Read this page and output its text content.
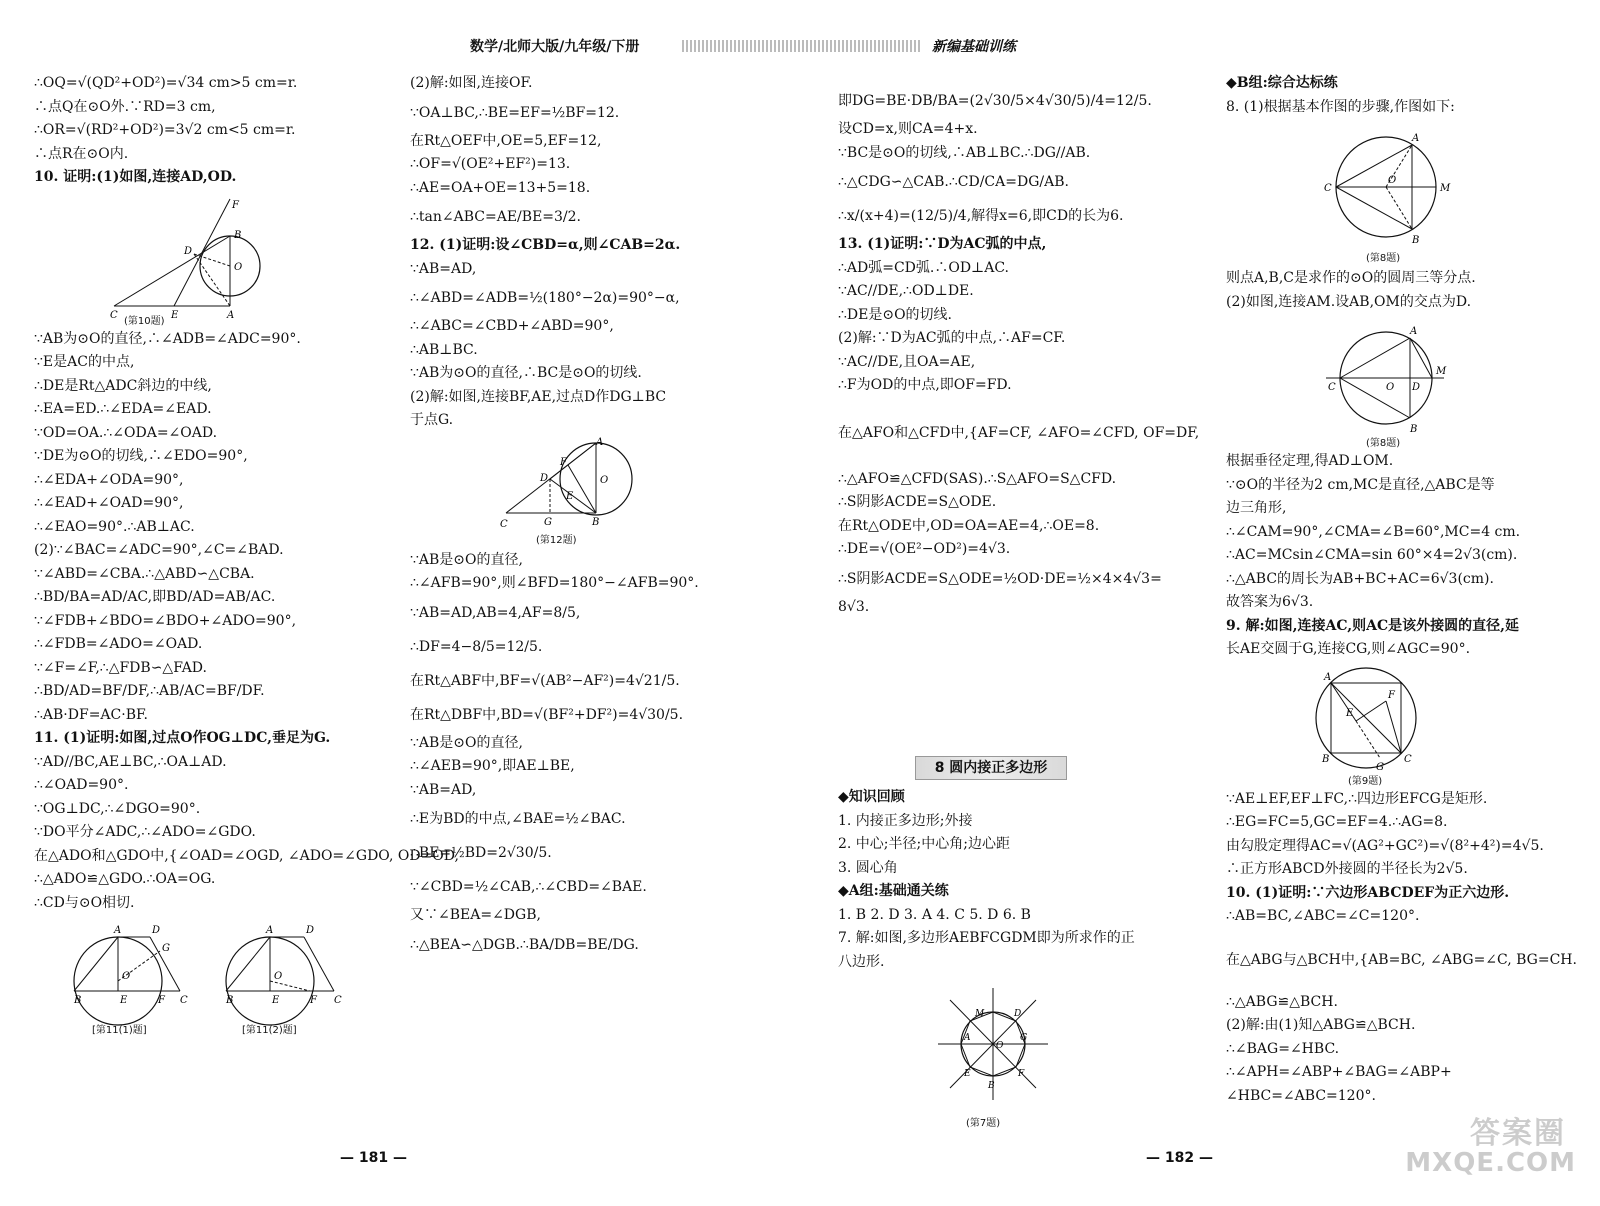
数学/北师大版/九年级/下册	新编基础训练
∴OQ=√(QD²+OD²)=√34 cm>5 cm=r.
∴点Q在⊙O外.∵RD=3 cm,
∴OR=√(RD²+OD²)=3√2 cm<5 cm=r.
∴点R在⊙O内.
10. 证明:(1)如图,连接AD,OD.
F
B
D
O
C	E	A
(第10题)
∵AB为⊙O的直径,∴∠ADB=∠ADC=90°.
∵E是AC的中点,
∴DE是Rt△ADC斜边的中线,
∴EA=ED.∴∠EDA=∠EAD.
∵OD=OA.∴∠ODA=∠OAD.
∵DE为⊙O的切线,∴∠EDO=90°,
∴∠EDA+∠ODA=90°,
∴∠EAD+∠OAD=90°,
∴∠EAO=90°.∴AB⊥AC.
(2)∵∠BAC=∠ADC=90°,∠C=∠BAD.
∵∠ABD=∠CBA.∴△ABD∽△CBA.
∴BD/BA=AD/AC,即BD/AD=AB/AC.
∵∠FDB+∠BDO=∠BDO+∠ADO=90°,
∴∠FDB=∠ADO=∠OAD.
∵∠F=∠F,∴△FDB∽△FAD.
∴BD/AD=BF/DF,∴AB/AC=BF/DF.
∴AB·DF=AC·BF.
11. (1)证明:如图,过点O作OG⊥DC,垂足为G.
∵AD//BC,AE⊥BC,∴OA⊥AD.
∴∠OAD=90°.
∵OG⊥DC,∴∠DGO=90°.
∵DO平分∠ADC,∴∠ADO=∠GDO.
在△ADO和△GDO中,{∠OAD=∠OGD, ∠ADO=∠GDO, OD=OD,
∴△ADO≌△GDO.∴OA=OG.
∴CD与⊙O相切.
B	E	F C
A	D
G
O
B	E	F C
A	D
O
[第11(1)题]	[第11(2)题]
(2)解:如图,连接OF.
∵OA⊥BC,∴BE=EF=½BF=12.
在Rt△OEF中,OE=5,EF=12,
∴OF=√(OE²+EF²)=13.
∴AE=OA+OE=13+5=18.
∴tan∠ABC=AE/BE=3/2.
12. (1)证明:设∠CBD=α,则∠CAB=2α.
∵AB=AD,
∴∠ABD=∠ADB=½(180°−2α)=90°−α,
∴∠ABC=∠CBD+∠ABD=90°,
∴AB⊥BC.
∵AB为⊙O的直径,∴BC是⊙O的切线.
(2)解:如图,连接BF,AE,过点D作DG⊥BC
于点G.
A
F
D	O
E
C	G	B
(第12题)
∵AB是⊙O的直径,
∴∠AFB=90°,则∠BFD=180°−∠AFB=90°.
∵AB=AD,AB=4,AF=8/5,
∴DF=4−8/5=12/5.
在Rt△ABF中,BF=√(AB²−AF²)=4√21/5.
在Rt△DBF中,BD=√(BF²+DF²)=4√30/5.
∵AB是⊙O的直径,
∴∠AEB=90°,即AE⊥BE,
∵AB=AD,
∴E为BD的中点,∠BAE=½∠BAC.
∴BE=½BD=2√30/5.
∵∠CBD=½∠CAB,∴∠CBD=∠BAE.
又∵∠BEA=∠DGB,
∴△BEA∽△DGB.∴BA/DB=BE/DG.
即DG=BE·DB/BA=(2√30/5×4√30/5)/4=12/5.
设CD=x,则CA=4+x.
∵BC是⊙O的切线,∴AB⊥BC.∴DG//AB.
∴△CDG∽△CAB.∴CD/CA=DG/AB.
∴x/(x+4)=(12/5)/4,解得x=6,即CD的长为6.
13. (1)证明:∵D为AC弧的中点,
∴AD弧=CD弧.∴OD⊥AC.
∵AC//DE,∴OD⊥DE.
∴DE是⊙O的切线.
(2)解:∵D为AC弧的中点,∴AF=CF.
∵AC//DE,且OA=AE,
∴F为OD的中点,即OF=FD.
在△AFO和△CFD中,{AF=CF, ∠AFO=∠CFD, OF=DF,
∴△AFO≌△CFD(SAS).∴S△AFO=S△CFD.
∴S阴影ACDE=S△ODE.
在Rt△ODE中,OD=OA=AE=4,∴OE=8.
∴DE=√(OE²−OD²)=4√3.
∴S阴影ACDE=S△ODE=½OD·DE=½×4×4√3=
8√3.
8 圆内接正多边形
◆知识回顾
1. 内接正多边形;外接
2. 中心;半径;中心角;边心距
3. 圆心角
◆A组:基础通关练
1. B 2. D 3. A 4. C 5. D 6. B
7. 解:如图,多边形AEBFCGDM即为所求作的正
八边形.
M	D
A	G
O
E	F
B
(第7题)
◆B组:综合达标练
8. (1)根据基本作图的步骤,作图如下:
A
C
O
M
B
(第8题)
则点A,B,C是求作的⊙O的圆周三等分点.
(2)如图,连接AM.设AB,OM的交点为D.
A
C	O D
M
B
(第8题)
根据垂径定理,得AD⊥OM.
∵⊙O的半径为2 cm,MC是直径,△ABC是等
边三角形,
∴∠CAM=90°,∠CMA=∠B=60°,MC=4 cm.
∴AC=MCsin∠CMA=sin 60°×4=2√3(cm).
∴△ABC的周长为AB+BC+AC=6√3(cm).
故答案为6√3.
9. 解:如图,连接AC,则AC是该外接圆的直径,延
长AE交圆于G,连接CG,则∠AGC=90°.
A
F
E
B
G
C
(第9题)
∵AE⊥EF,EF⊥FC,∴四边形EFCG是矩形.
∴EG=FC=5,GC=EF=4.∴AG=8.
由勾股定理得AC=√(AG²+GC²)=√(8²+4²)=4√5.
∴正方形ABCD外接圆的半径长为2√5.
10. (1)证明:∵六边形ABCDEF为正六边形.
∴AB=BC,∠ABC=∠C=120°.
在△ABG与△BCH中,{AB=BC, ∠ABG=∠C, BG=CH.
∴△ABG≌△BCH.
(2)解:由(1)知△ABG≌△BCH.
∴∠BAG=∠HBC.
∴∠APH=∠ABP+∠BAG=∠ABP+
∠HBC=∠ABC=120°.
— 181 —	— 182 —
答案圈
MXQE.COM
